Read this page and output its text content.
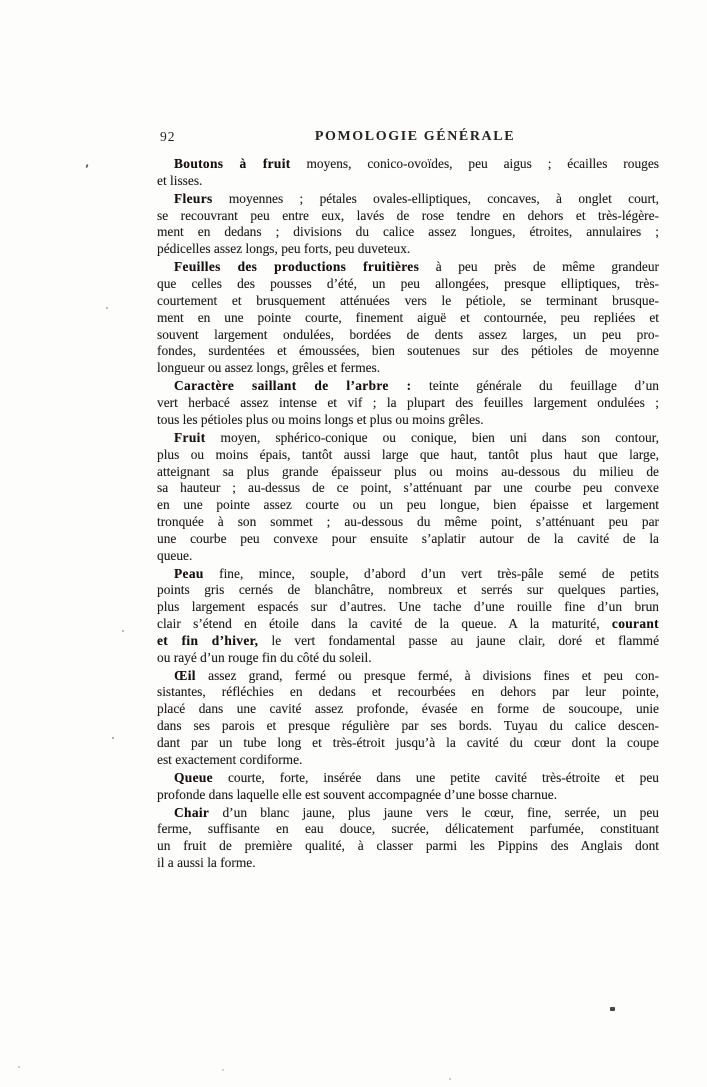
92	POMOLOGIE GÉNÉRALE
Boutons à fruit moyens, conico-ovoïdes, peu aigus ; écailles rouges
et lisses.
Fleurs moyennes ; pétales ovales-elliptiques, concaves, à onglet court,
se recouvrant peu entre eux, lavés de rose tendre en dehors et très-légère-
ment en dedans ; divisions du calice assez longues, étroites, annulaires ;
pédicelles assez longs, peu forts, peu duveteux.
Feuilles des productions fruitières à peu près de même grandeur
que celles des pousses d’été, un peu allongées, presque elliptiques, très-
courtement et brusquement atténuées vers le pétiole, se terminant brusque-
ment en une pointe courte, finement aiguë et contournée, peu repliées et
souvent largement ondulées, bordées de dents assez larges, un peu pro-
fondes, surdentées et émoussées, bien soutenues sur des pétioles de moyenne
longueur ou assez longs, grêles et fermes.
Caractère saillant de l’arbre : teinte générale du feuillage d’un
vert herbacé assez intense et vif ; la plupart des feuilles largement ondulées ;
tous les pétioles plus ou moins longs et plus ou moins grêles.
Fruit moyen, sphérico-conique ou conique, bien uni dans son contour,
plus ou moins épais, tantôt aussi large que haut, tantôt plus haut que large,
atteignant sa plus grande épaisseur plus ou moins au-dessous du milieu de
sa hauteur ; au-dessus de ce point, s’atténuant par une courbe peu convexe
en une pointe assez courte ou un peu longue, bien épaisse et largement
tronquée à son sommet ; au-dessous du même point, s’atténuant peu par
une courbe peu convexe pour ensuite s’aplatir autour de la cavité de la
queue.
Peau fine, mince, souple, d’abord d’un vert très-pâle semé de petits
points gris cernés de blanchâtre, nombreux et serrés sur quelques parties,
plus largement espacés sur d’autres. Une tache d’une rouille fine d’un brun
clair s’étend en étoile dans la cavité de la queue. A la maturité, courant
et fin d’hiver, le vert fondamental passe au jaune clair, doré et flammé
ou rayé d’un rouge fin du côté du soleil.
Œil assez grand, fermé ou presque fermé, à divisions fines et peu con-
sistantes, réfléchies en dedans et recourbées en dehors par leur pointe,
placé dans une cavité assez profonde, évasée en forme de soucoupe, unie
dans ses parois et presque régulière par ses bords. Tuyau du calice descen-
dant par un tube long et très-étroit jusqu’à la cavité du cœur dont la coupe
est exactement cordiforme.
Queue courte, forte, insérée dans une petite cavité très-étroite et peu
profonde dans laquelle elle est souvent accompagnée d’une bosse charnue.
Chair d’un blanc jaune, plus jaune vers le cœur, fine, serrée, un peu
ferme, suffisante en eau douce, sucrée, délicatement parfumée, constituant
un fruit de première qualité, à classer parmi les Pippins des Anglais dont
il a aussi la forme.
